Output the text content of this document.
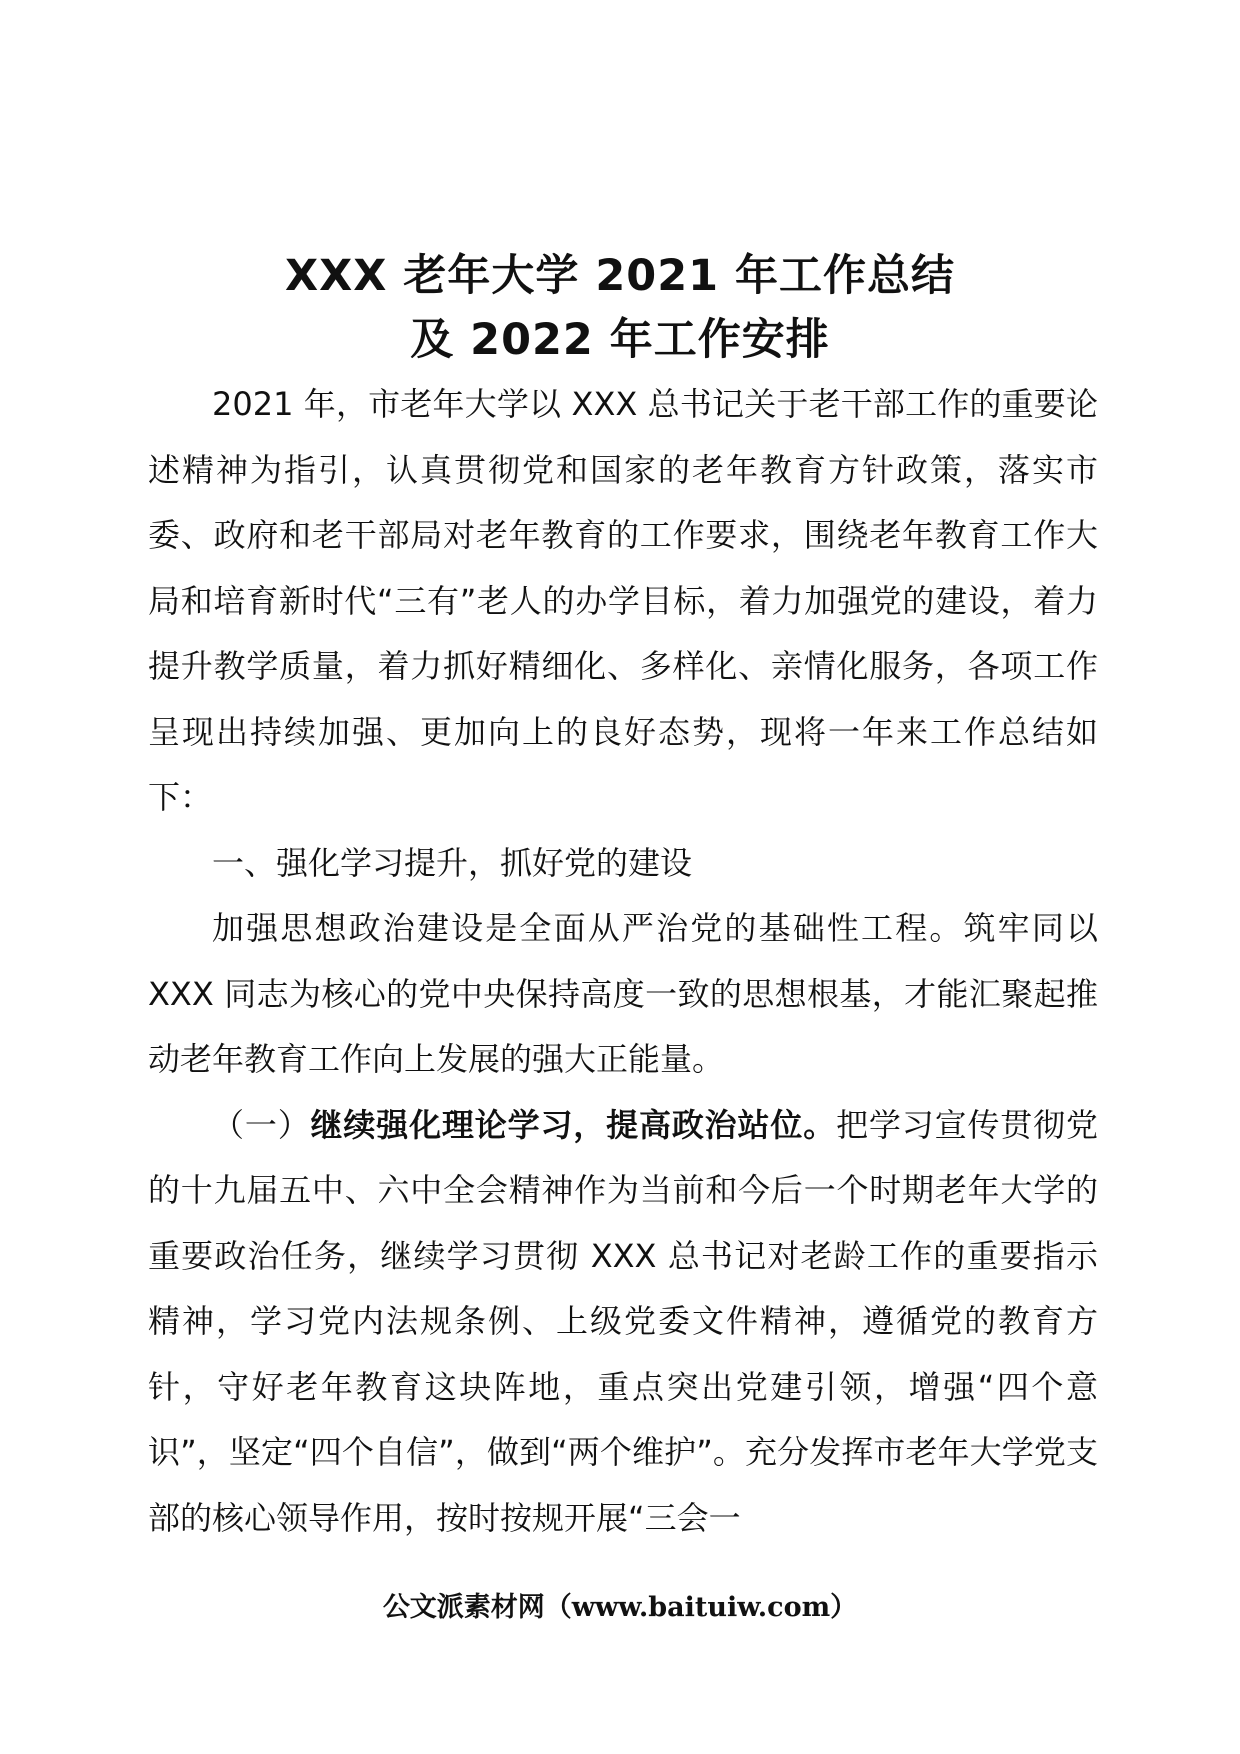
XXX 老年大学 2021 年工作总结
及 2022 年工作安排

2021 年，市老年大学以 XXX 总书记关于老干部工作的重要论述精神为指引，认真贯彻党和国家的老年教育方针政策，落实市委、政府和老干部局对老年教育的工作要求，围绕老年教育工作大局和培育新时代“三有”老人的办学目标，着力加强党的建设，着力提升教学质量，着力抓好精细化、多样化、亲情化服务，各项工作呈现出持续加强、更加向上的良好态势，现将一年来工作总结如下：

一、强化学习提升，抓好党的建设

加强思想政治建设是全面从严治党的基础性工程。筑牢同以 XXX 同志为核心的党中央保持高度一致的思想根基，才能汇聚起推动老年教育工作向上发展的强大正能量。

（一）继续强化理论学习，提高政治站位。把学习宣传贯彻党的十九届五中、六中全会精神作为当前和今后一个时期老年大学的重要政治任务，继续学习贯彻 XXX 总书记对老龄工作的重要指示精神，学习党内法规条例、上级党委文件精神，遵循党的教育方针，守好老年教育这块阵地，重点突出党建引领，增强“四个意识”，坚定“四个自信”，做到“两个维护”。充分发挥市老年大学党支部的核心领导作用，按时按规开展“三会一

公文派素材网（www.baituiw.com）
